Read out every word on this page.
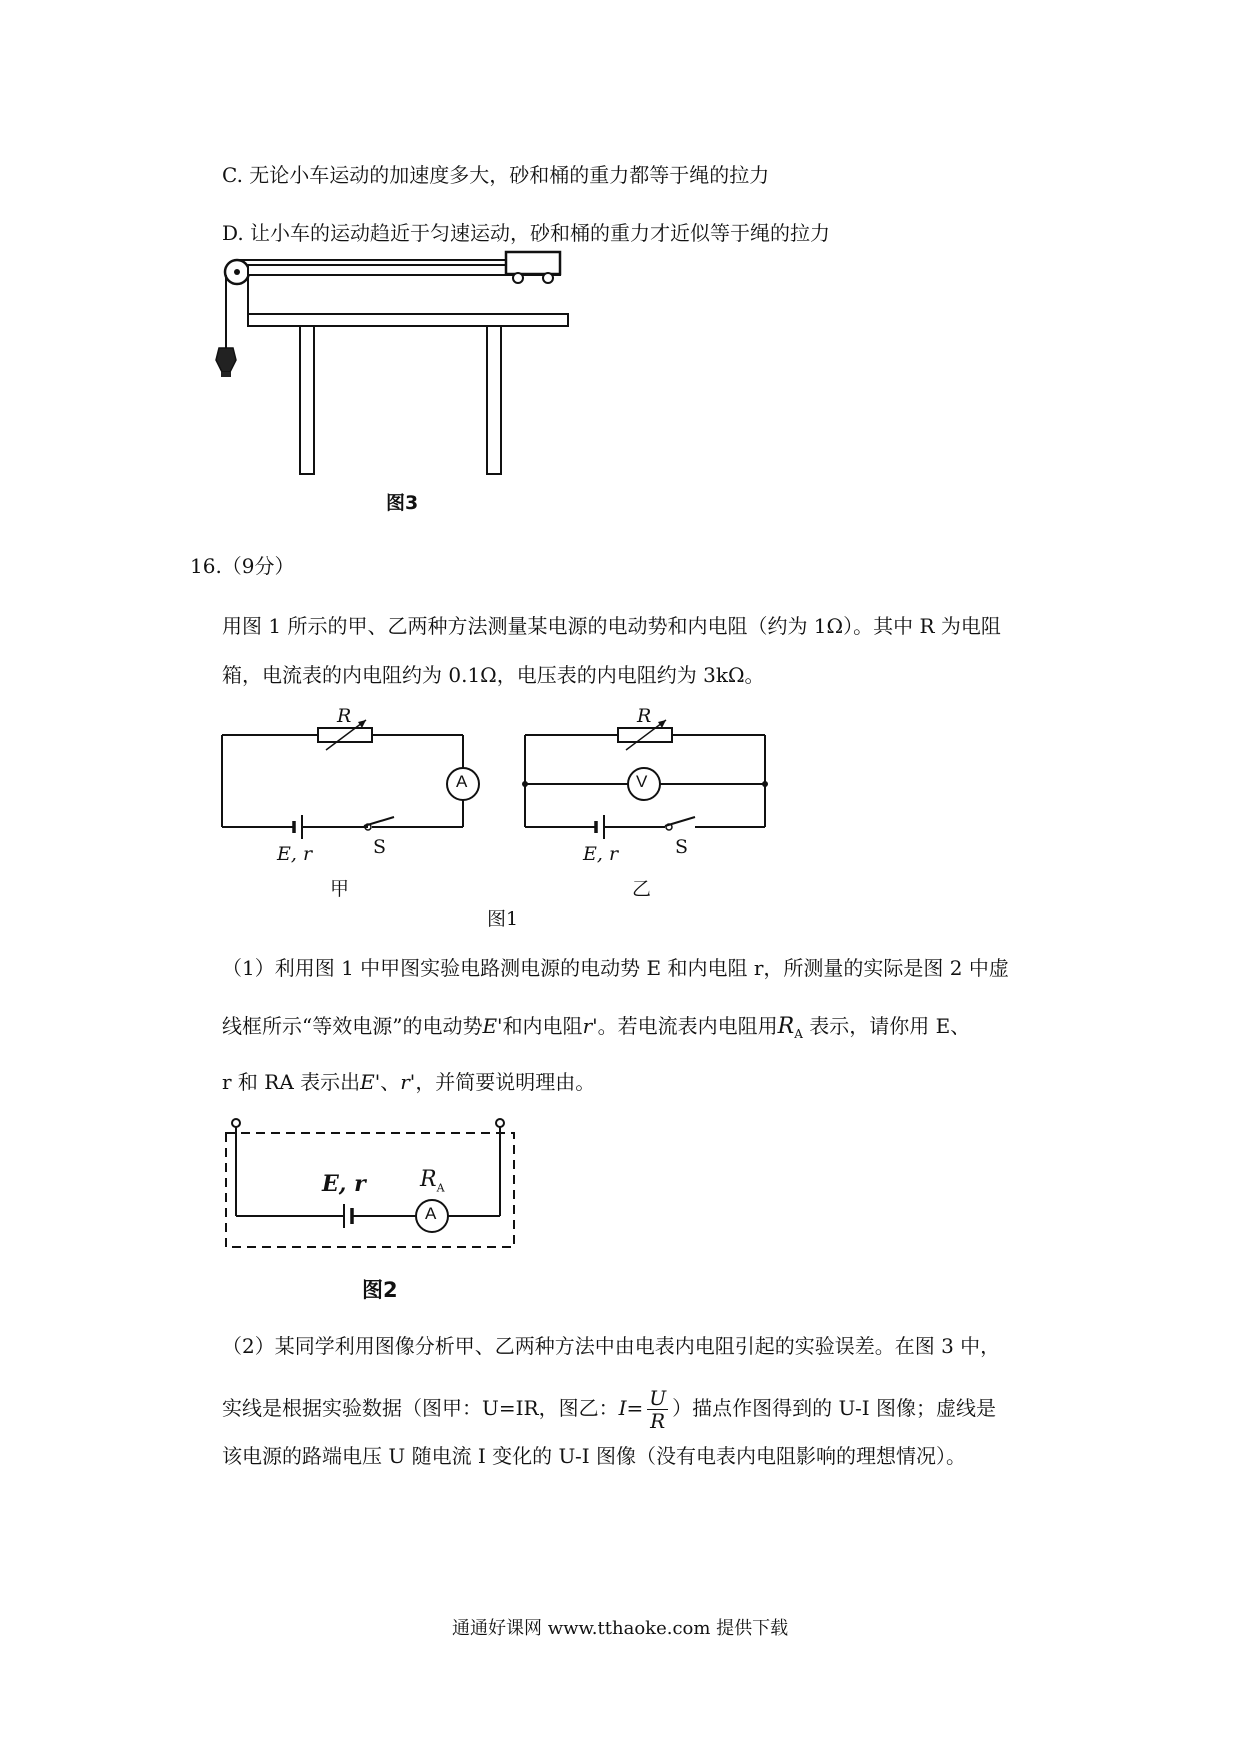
C. 无论小车运动的加速度多大，砂和桶的重力都等于绳的拉力
D. 让小车的运动趋近于匀速运动，砂和桶的重力才近似等于绳的拉力
图3
16.（9分）
用图 1 所示的甲、乙两种方法测量某电源的电动势和内电阻（约为 1Ω）。其中 R 为电阻
箱，电流表的内电阻约为 0.1Ω，电压表的内电阻约为 3kΩ。
R
A
E, r	S
甲
R
V
E, r	S
乙
图1
（1）利用图 1 中甲图实验电路测电源的电动势 E 和内电阻 r，所测量的实际是图 2 中虚
线框所示“等效电源”的电动势E'和内电阻r'。若电流表内电阻用$R_A$ 表示，请你用 E、
r 和 RA 表示出E'、r'，并简要说明理由。
E, r $R_A$
A
图2
（2）某同学利用图像分析甲、乙两种方法中由电表内电阻引起的实验误差。在图 3 中，
实线是根据实验数据（图甲：U=IR，图乙：$I= \frac{U}{R}$ ）描点作图得到的 U-I 图像；虚线是
该电源的路端电压 U 随电流 I 变化的 U-I 图像（没有电表内电阻影响的理想情况）。
通通好课网 www.tthaoke.com 提供下载
